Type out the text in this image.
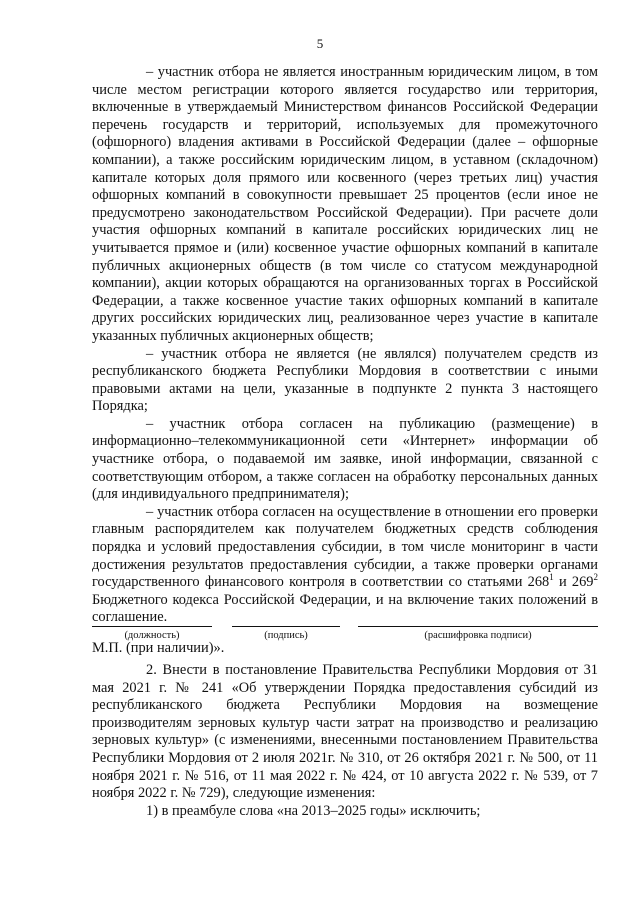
5

– участник отбора не является иностранным юридическим лицом, в том числе местом регистрации которого является государство или территория, включенные в утверждаемый Министерством финансов Российской Федерации перечень государств и территорий, используемых для промежуточного (офшорного) владения активами в Российской Федерации (далее – офшорные компании), а также российским юридическим лицом, в уставном (складочном) капитале которых доля прямого или косвенного (через третьих лиц) участия офшорных компаний в совокупности превышает 25 процентов (если иное не предусмотрено законодательством Российской Федерации). При расчете доли участия офшорных компаний в капитале российских юридических лиц не учитывается прямое и (или) косвенное участие офшорных компаний в капитале публичных акционерных обществ (в том числе со статусом международной компании), акции которых обращаются на организованных торгах в Российской Федерации, а также косвенное участие таких офшорных компаний в капитале других российских юридических лиц, реализованное через участие в капитале указанных публичных акционерных обществ;

– участник отбора не является (не являлся) получателем средств из республиканского бюджета Республики Мордовия в соответствии с иными правовыми актами на цели, указанные в подпункте 2 пункта 3 настоящего Порядка;

– участник отбора согласен на публикацию (размещение) в информационно–телекоммуникационной сети «Интернет» информации об участнике отбора, о подаваемой им заявке, иной информации, связанной с соответствующим отбором, а также согласен на обработку персональных данных (для индивидуального предпринимателя);

– участник отбора согласен на осуществление в отношении его проверки главным распорядителем как получателем бюджетных средств соблюдения порядка и условий предоставления субсидии, в том числе мониторинг в части достижения результатов предоставления субсидии, а также проверки органами государственного финансового контроля в соответствии со статьями $268^1$ и $269^2$ Бюджетного кодекса Российской Федерации, и на включение таких положений в соглашение.

(должность)	(подпись)	(расшифровка подписи)
М.П. (при наличии)».

2. Внести в постановление Правительства Республики Мордовия от 31 мая 2021 г. № 241 «Об утверждении Порядка предоставления субсидий из республиканского бюджета Республики Мордовия на возмещение производителям зерновых культур части затрат на производство и реализацию зерновых культур» (с изменениями, внесенными постановлением Правительства Республики Мордовия от 2 июля 2021г. № 310, от 26 октября 2021 г. № 500, от 11 ноября 2021 г. № 516, от 11 мая 2022 г. № 424, от 10 августа 2022 г. № 539, от 7 ноября 2022 г. № 729), следующие изменения:

1) в преамбуле слова «на 2013–2025 годы» исключить;
